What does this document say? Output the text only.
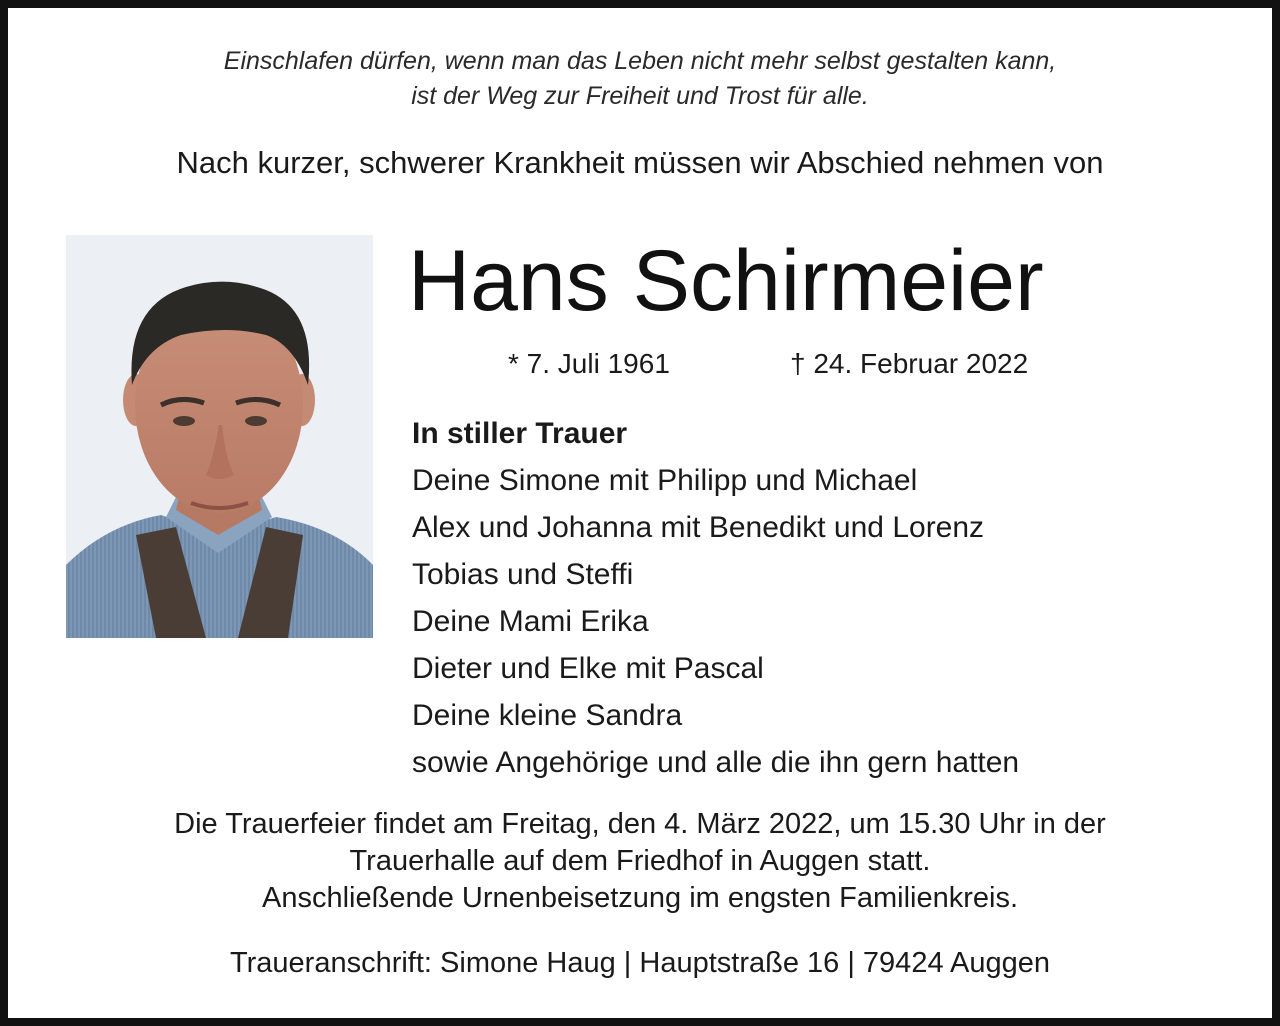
Einschlafen dürfen, wenn man das Leben nicht mehr selbst gestalten kann,
ist der Weg zur Freiheit und Trost für alle.
Nach kurzer, schwerer Krankheit müssen wir Abschied nehmen von
Hans Schirmeier
* 7. Juli 1961	† 24. Februar 2022
In stiller Trauer
Deine Simone mit Philipp und Michael
Alex und Johanna mit Benedikt und Lorenz
Tobias und Steffi
Deine Mami Erika
Dieter und Elke mit Pascal
Deine kleine Sandra
sowie Angehörige und alle die ihn gern hatten
Die Trauerfeier findet am Freitag, den 4. März 2022, um 15.30 Uhr in der
Trauerhalle auf dem Friedhof in Auggen statt.
Anschließende Urnenbeisetzung im engsten Familienkreis.
Traueranschrift: Simone Haug | Hauptstraße 16 | 79424 Auggen
